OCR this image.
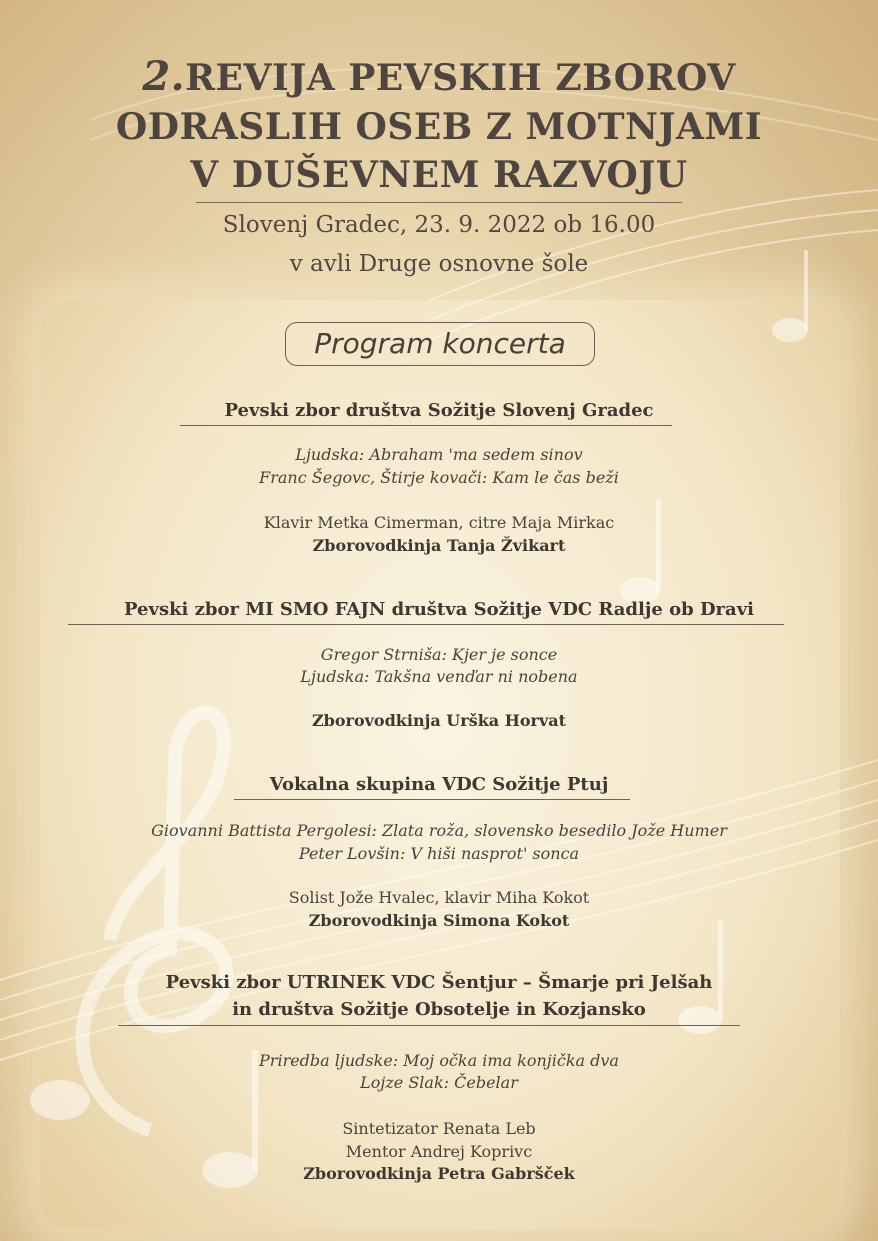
2.REVIJA PEVSKIH ZBOROV
ODRASLIH OSEB Z MOTNJAMI
V DUŠEVNEM RAZVOJU
Slovenj Gradec, 23. 9. 2022 ob 16.00
v avli Druge osnovne šole
Program koncerta
Pevski zbor društva Sožitje Slovenj Gradec
Ljudska: Abraham 'ma sedem sinov
Franc Šegovc, Štirje kovači: Kam le čas beži
Klavir Metka Cimerman, citre Maja Mirkac
Zborovodkinja Tanja Žvikart
Pevski zbor MI SMO FAJN društva Sožitje VDC Radlje ob Dravi
Gregor Strniša: Kjer je sonce
Ljudska: Takšna venďar ni nobena
Zborovodkinja Urška Horvat
Vokalna skupina VDC Sožitje Ptuj
Giovanni Battista Pergolesi: Zlata roža, slovensko besedilo Jože Humer
Peter Lovšin: V hiši nasprot' sonca
Solist Jože Hvalec, klavir Miha Kokot
Zborovodkinja Simona Kokot
Pevski zbor UTRINEK VDC Šentjur – Šmarje pri Jelšah
in društva Sožitje Obsotelje in Kozjansko
Priredba ljudske: Moj očka ima konjička dva
Lojze Slak: Čebelar
Sintetizator Renata Leb
Mentor Andrej Koprivc
Zborovodkinja Petra Gabršček
